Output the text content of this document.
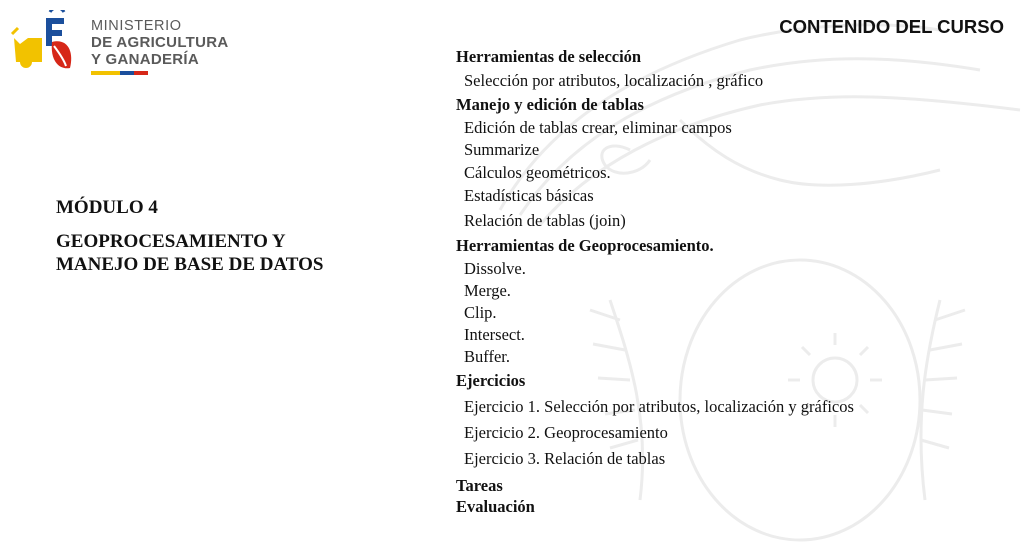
MINISTERIO
DE AGRICULTURA
Y GANADERÍA
CONTENIDO DEL CURSO
MÓDULO 4
GEOPROCESAMIENTO Y MANEJO DE BASE DE DATOS
Herramientas de selección
Selección por atributos, localización , gráfico
Manejo y edición de tablas
Edición de tablas crear, eliminar campos
Summarize
Cálculos geométricos.
Estadísticas básicas
Relación de tablas (join)
Herramientas de Geoprocesamiento.
Dissolve.
Merge.
Clip.
Intersect.
Buffer.
Ejercicios
Ejercicio 1. Selección por atributos, localización y gráficos
Ejercicio 2. Geoprocesamiento
Ejercicio 3. Relación de tablas
Tareas
Evaluación
